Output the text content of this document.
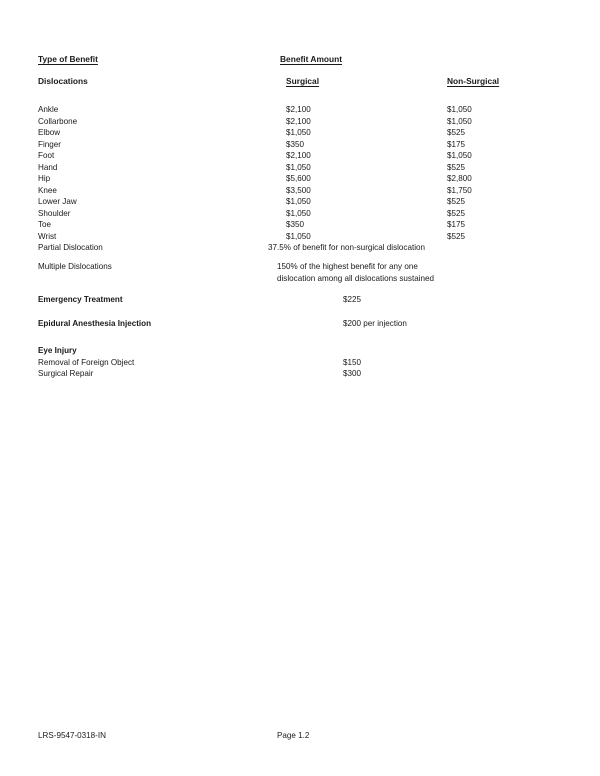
Type of Benefit	Benefit Amount
Dislocations	Surgical	Non-Surgical
Ankle	$2,100	$1,050
Collarbone	$2,100	$1,050
Elbow	$1,050	$525
Finger	$350	$175
Foot	$2,100	$1,050
Hand	$1,050	$525
Hip	$5,600	$2,800
Knee	$3,500	$1,750
Lower Jaw	$1,050	$525
Shoulder	$1,050	$525
Toe	$350	$175
Wrist	$1,050	$525
Partial Dislocation	37.5% of benefit for non-surgical dislocation
Multiple Dislocations	150% of the highest benefit for any one
dislocation among all dislocations sustained
Emergency Treatment	$225
Epidural Anesthesia Injection	$200 per injection
Eye Injury
Removal of Foreign Object	$150
Surgical Repair	$300
LRS-9547-0318-IN	Page 1.2
